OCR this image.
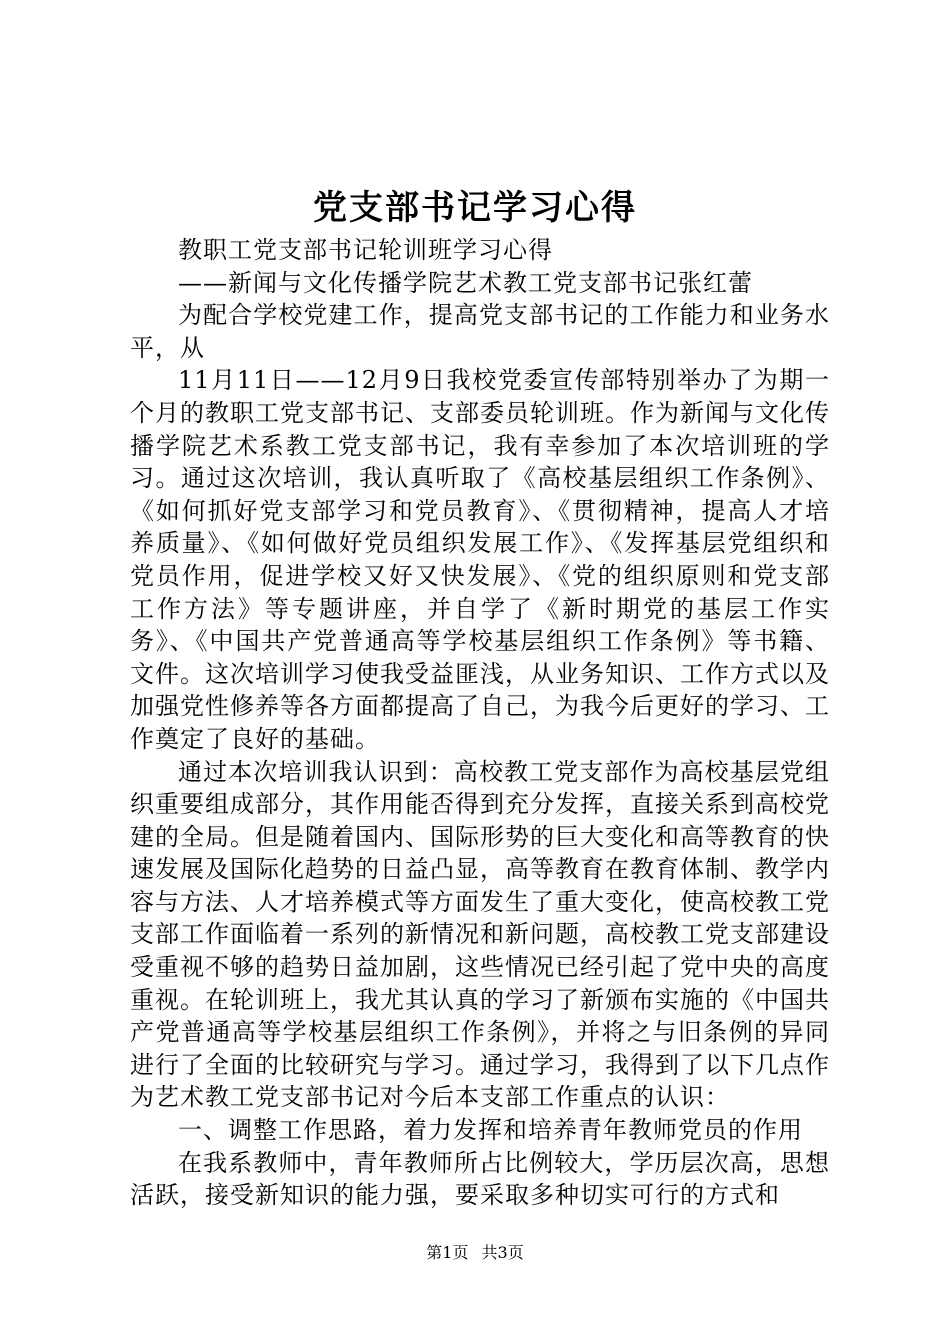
党支部书记学习心得

教职工党支部书记轮训班学习心得

——新闻与文化传播学院艺术教工党支部书记张红蕾

为配合学校党建工作，提高党支部书记的工作能力和业务水平，从

11月11日——12月9日我校党委宣传部特别举办了为期一个月的教职工党支部书记、支部委员轮训班。作为新闻与文化传播学院艺术系教工党支部书记，我有幸参加了本次培训班的学习。通过这次培训，我认真听取了《高校基层组织工作条例》、《如何抓好党支部学习和党员教育》、《贯彻精神，提高人才培养质量》、《如何做好党员组织发展工作》、《发挥基层党组织和党员作用，促进学校又好又快发展》、《党的组织原则和党支部工作方法》等专题讲座，并自学了《新时期党的基层工作实务》、《中国共产党普通高等学校基层组织工作条例》等书籍、文件。这次培训学习使我受益匪浅，从业务知识、工作方式以及加强党性修养等各方面都提高了自己，为我今后更好的学习、工作奠定了良好的基础。

通过本次培训我认识到：高校教工党支部作为高校基层党组织重要组成部分，其作用能否得到充分发挥，直接关系到高校党建的全局。但是随着国内、国际形势的巨大变化和高等教育的快速发展及国际化趋势的日益凸显，高等教育在教育体制、教学内容与方法、人才培养模式等方面发生了重大变化，使高校教工党支部工作面临着一系列的新情况和新问题，高校教工党支部建设受重视不够的趋势日益加剧，这些情况已经引起了党中央的高度重视。在轮训班上，我尤其认真的学习了新颁布实施的《中国共产党普通高等学校基层组织工作条例》，并将之与旧条例的异同进行了全面的比较研究与学习。通过学习，我得到了以下几点作为艺术教工党支部书记对今后本支部工作重点的认识：

一、调整工作思路，着力发挥和培养青年教师党员的作用

在我系教师中，青年教师所占比例较大，学历层次高，思想活跃，接受新知识的能力强，要采取多种切实可行的方式和

第1页 共3页
